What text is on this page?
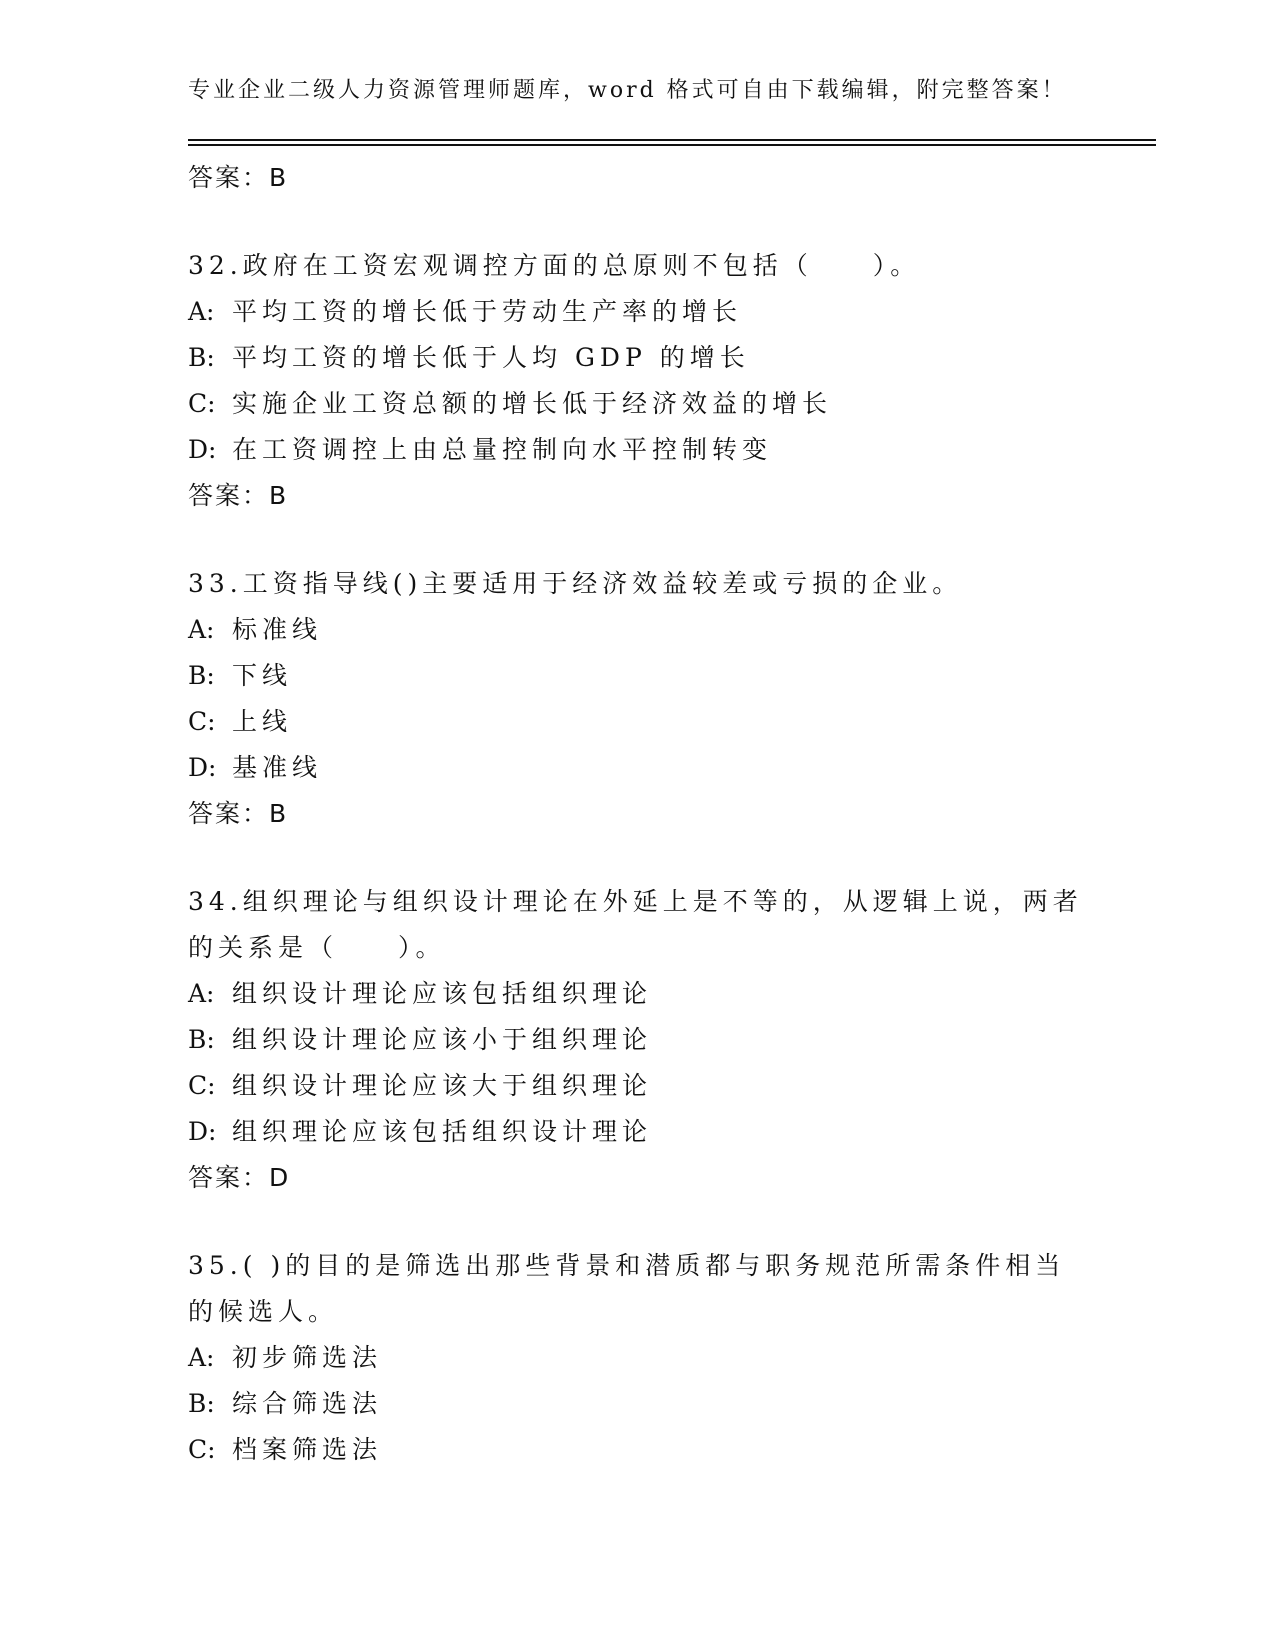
专业企业二级人力资源管理师题库，word 格式可自由下载编辑，附完整答案！
答案：B

32.政府在工资宏观调控方面的总原则不包括（　　）。

A: 平均工资的增长低于劳动生产率的增长
B: 平均工资的增长低于人均 GDP 的增长
C: 实施企业工资总额的增长低于经济效益的增长
D: 在工资调控上由总量控制向水平控制转变
答案：B

33.工资指导线()主要适用于经济效益较差或亏损的企业。

A: 标准线
B: 下线
C: 上线
D: 基准线
答案：B

34.组织理论与组织设计理论在外延上是不等的，从逻辑上说，两者的关系是（　　）。

A: 组织设计理论应该包括组织理论
B: 组织设计理论应该小于组织理论
C: 组织设计理论应该大于组织理论
D: 组织理论应该包括组织设计理论
答案：D

35.( )的目的是筛选出那些背景和潜质都与职务规范所需条件相当的候选人。

A: 初步筛选法
B: 综合筛选法
C: 档案筛选法
